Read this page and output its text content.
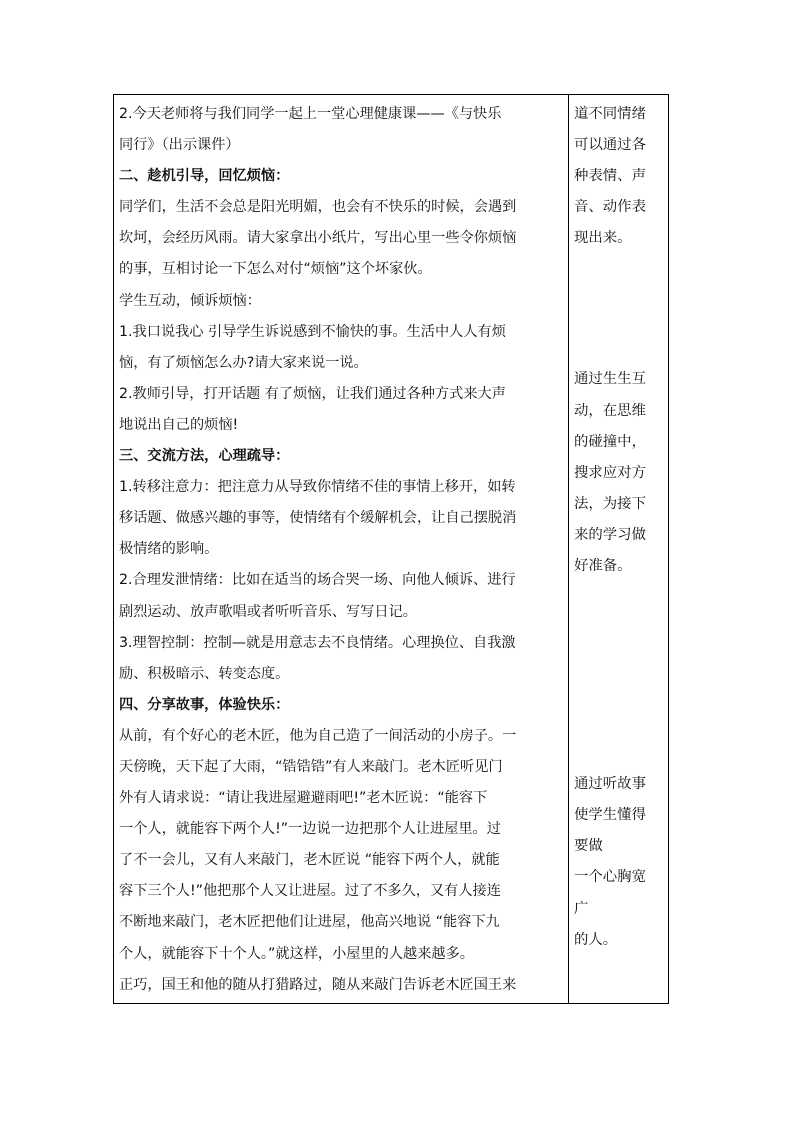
2.今天老师将与我们同学一起上一堂心理健康课——《与快乐
同行》（出示课件）
二、趁机引导，回忆烦恼：
同学们，生活不会总是阳光明媚，也会有不快乐的时候，会遇到
坎坷，会经历风雨。请大家拿出小纸片，写出心里一些令你烦恼
的事，互相讨论一下怎么对付“烦恼”这个坏家伙。
学生互动，倾诉烦恼：
1.我口说我心 引导学生诉说感到不愉快的事。生活中人人有烦
恼，有了烦恼怎么办?请大家来说一说。
2.教师引导，打开话题 有了烦恼，让我们通过各种方式来大声
地说出自己的烦恼!
三、交流方法，心理疏导：
1.转移注意力：把注意力从导致你情绪不佳的事情上移开，如转
移话题、做感兴趣的事等，使情绪有个缓解机会，让自己摆脱消
极情绪的影响。
2.合理发泄情绪：比如在适当的场合哭一场、向他人倾诉、进行
剧烈运动、放声歌唱或者听听音乐、写写日记。
3.理智控制：控制—就是用意志去不良情绪。心理换位、自我激
励、积极暗示、转变态度。
四、分享故事，体验快乐：
从前，有个好心的老木匠，他为自己造了一间活动的小房子。一
天傍晚，天下起了大雨，“锆锆锆”有人来敲门。老木匠听见门
外有人请求说：“请让我进屋避避雨吧!”老木匠说：“能容下
一个人，就能容下两个人!”一边说一边把那个人让进屋里。过
了不一会儿，又有人来敲门，老木匠说 “能容下两个人，就能
容下三个人!”他把那个人又让进屋。过了不多久，又有人接连
不断地来敲门，老木匠把他们让进屋，他高兴地说 “能容下九
个人，就能容下十个人。”就这样，小屋里的人越来越多。
正巧，国王和他的随从打猎路过，随从来敲门告诉老木匠国王来

道不同情绪
可以通过各
种表情、声
音、动作表
现出来。
通过生生互
动，在思维
的碰撞中，
搜求应对方
法，为接下
来的学习做
好准备。
通过听故事
使学生懂得
要做
一个心胸宽
广
的人。
